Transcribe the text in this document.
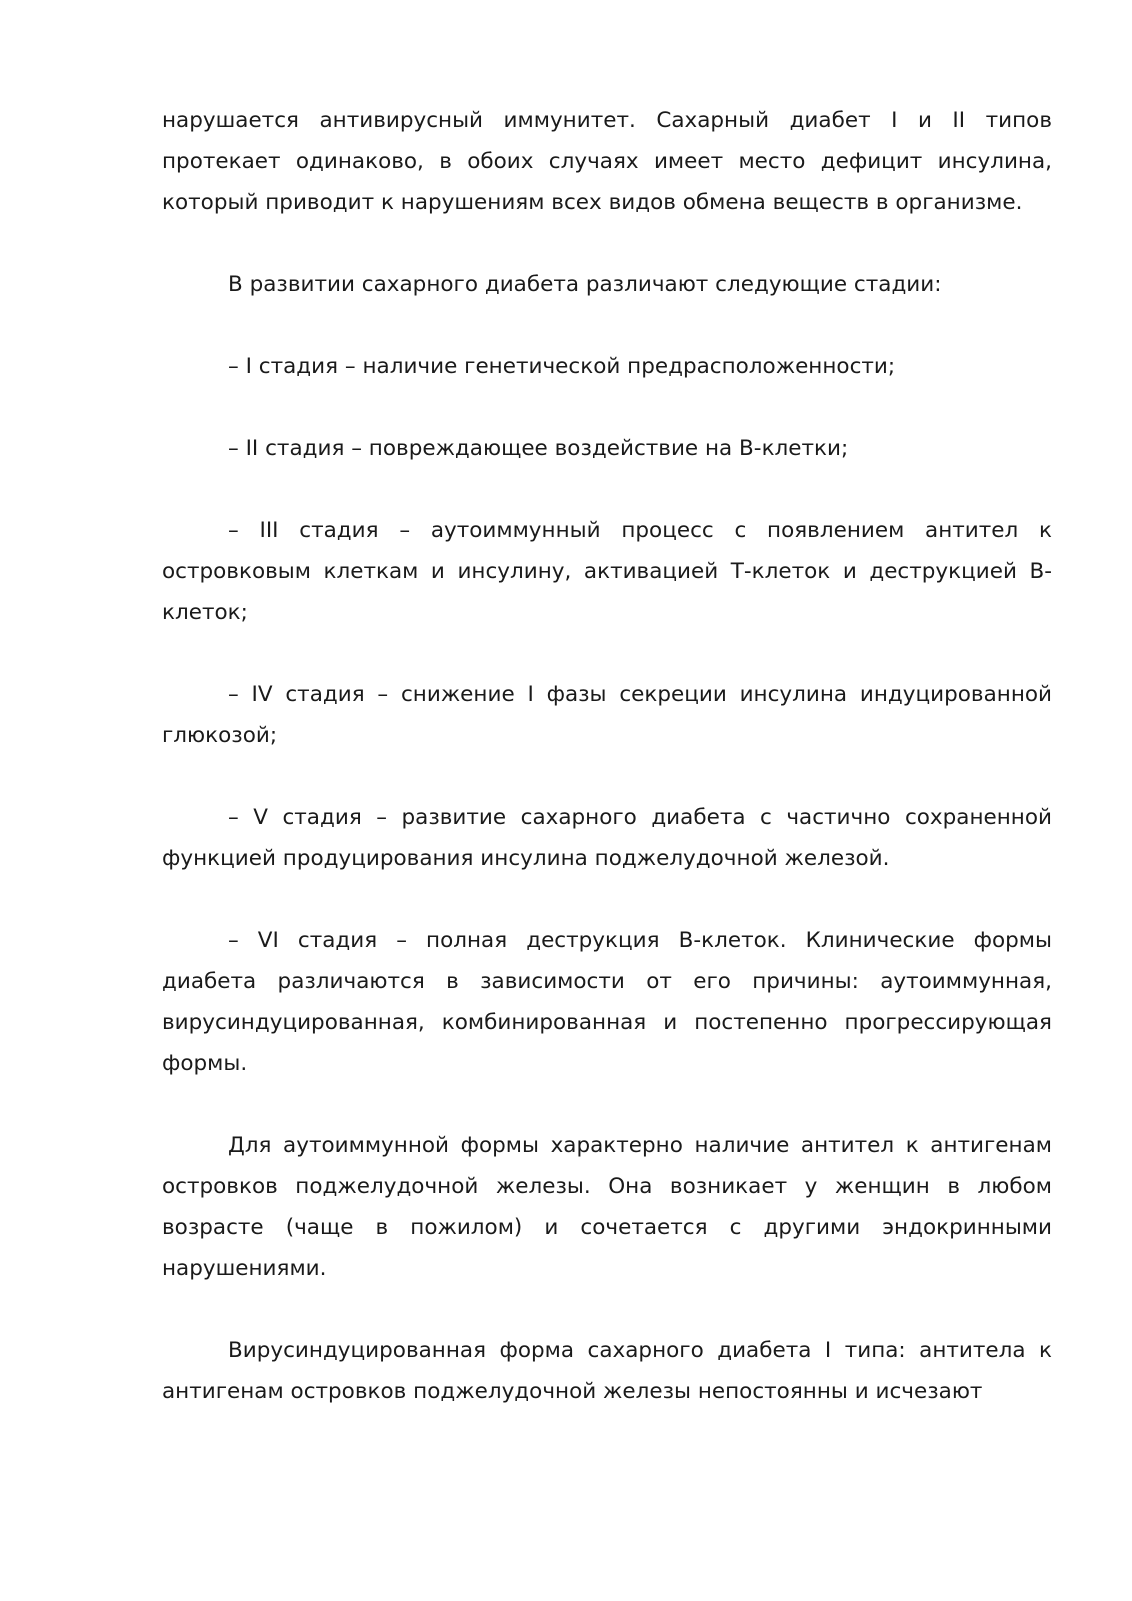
нарушается антивирусный иммунитет. Сахарный диабет I и II типов протекает одинаково, в обоих случаях имеет место дефицит инсулина, который приводит к нарушениям всех видов обмена веществ в организме.

В развитии сахарного диабета различают следующие стадии:

– I стадия – наличие генетической предрасположенности;

– II стадия – повреждающее воздействие на В-клетки;

– III стадия – аутоиммунный процесс с появлением антител к островковым клеткам и инсулину, активацией Т-клеток и деструкцией В-клеток;

– IV стадия – снижение I фазы секреции инсулина индуцированной глюкозой;

– V стадия – развитие сахарного диабета с частично сохраненной функцией продуцирования инсулина поджелудочной железой.

– VI стадия – полная деструкция В-клеток. Клинические формы диабета различаются в зависимости от его причины: аутоиммунная, вирусиндуцированная, комбинированная и постепенно прогрессирующая формы.

Для аутоиммунной формы характерно наличие антител к антигенам островков поджелудочной железы. Она возникает у женщин в любом возрасте (чаще в пожилом) и сочетается с другими эндокринными нарушениями.

Вирусиндуцированная форма сахарного диабета I типа: антитела к антигенам островков поджелудочной железы непостоянны и исчезают
